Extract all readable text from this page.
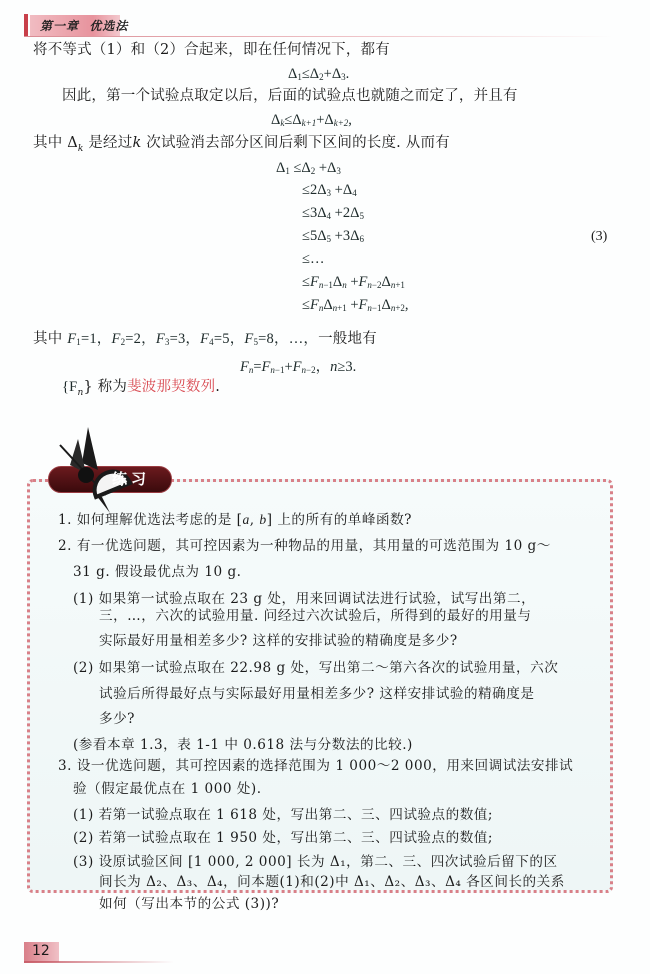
第一章  优选法
将不等式（1）和（2）合起来，即在任何情况下，都有
$\Delta_1\le\Delta_2+\Delta_3$.
因此，第一个试验点取定以后，后面的试验点也就随之而定了，并且有
$\Delta_k\le\Delta_{k+1}+\Delta_{k+2}$,
其中 $\Delta_k$ 是经过k 次试验消去部分区间后剩下区间的长度. 从而有
$\Delta_1 \le\Delta_2 +\Delta_3$
$\le 2\Delta_3 +\Delta_4$
$\le 3\Delta_4 +2\Delta_5$
$\le 5\Delta_5 +3\Delta_6$
≤…
$\le F_{n-1}\Delta_n +F_{n-2}\Delta_{n+1}$
$\le F_n\Delta_{n+1} +F_{n-1}\Delta_{n+2}$,
(3)
其中 $F_1=1$，$F_2=2$，$F_3=3$，$F_4=5$，$F_5=8$，…，一般地有
$F_n=F_{n-1}+F_{n-2}$，n≥3.
$\{F_n\}$ 称为斐波那契数列.
练习
1. 如何理解优选法考虑的是 [a, b] 上的所有的单峰函数?
2. 有一优选问题，其可控因素为一种物品的用量，其用量的可选范围为 10 g～
31 g. 假设最优点为 10 g.
(1) 如果第一试验点取在 23 g 处，用来回调试法进行试验，试写出第二，
三，…，六次的试验用量. 问经过六次试验后，所得到的最好的用量与
实际最好用量相差多少? 这样的安排试验的精确度是多少?
(2) 如果第一试验点取在 22.98 g 处，写出第二～第六各次的试验用量，六次
试验后所得最好点与实际最好用量相差多少? 这样安排试验的精确度是
多少?
(参看本章 1.3，表 1-1 中 0.618 法与分数法的比较.)
3. 设一优选问题，其可控因素的选择范围为 1 000～2 000，用来回调试法安排试
验（假定最优点在 1 000 处).
(1) 若第一试验点取在 1 618 处，写出第二、三、四试验点的数值;
(2) 若第一试验点取在 1 950 处，写出第二、三、四试验点的数值;
(3) 设原试验区间 [1 000, 2 000] 长为 Δ₁，第二、三、四次试验后留下的区
间长为 Δ₂、Δ₃、Δ₄，问本题(1)和(2)中 Δ₁、Δ₂、Δ₃、Δ₄ 各区间长的关系
如何（写出本节的公式 (3))?
12
